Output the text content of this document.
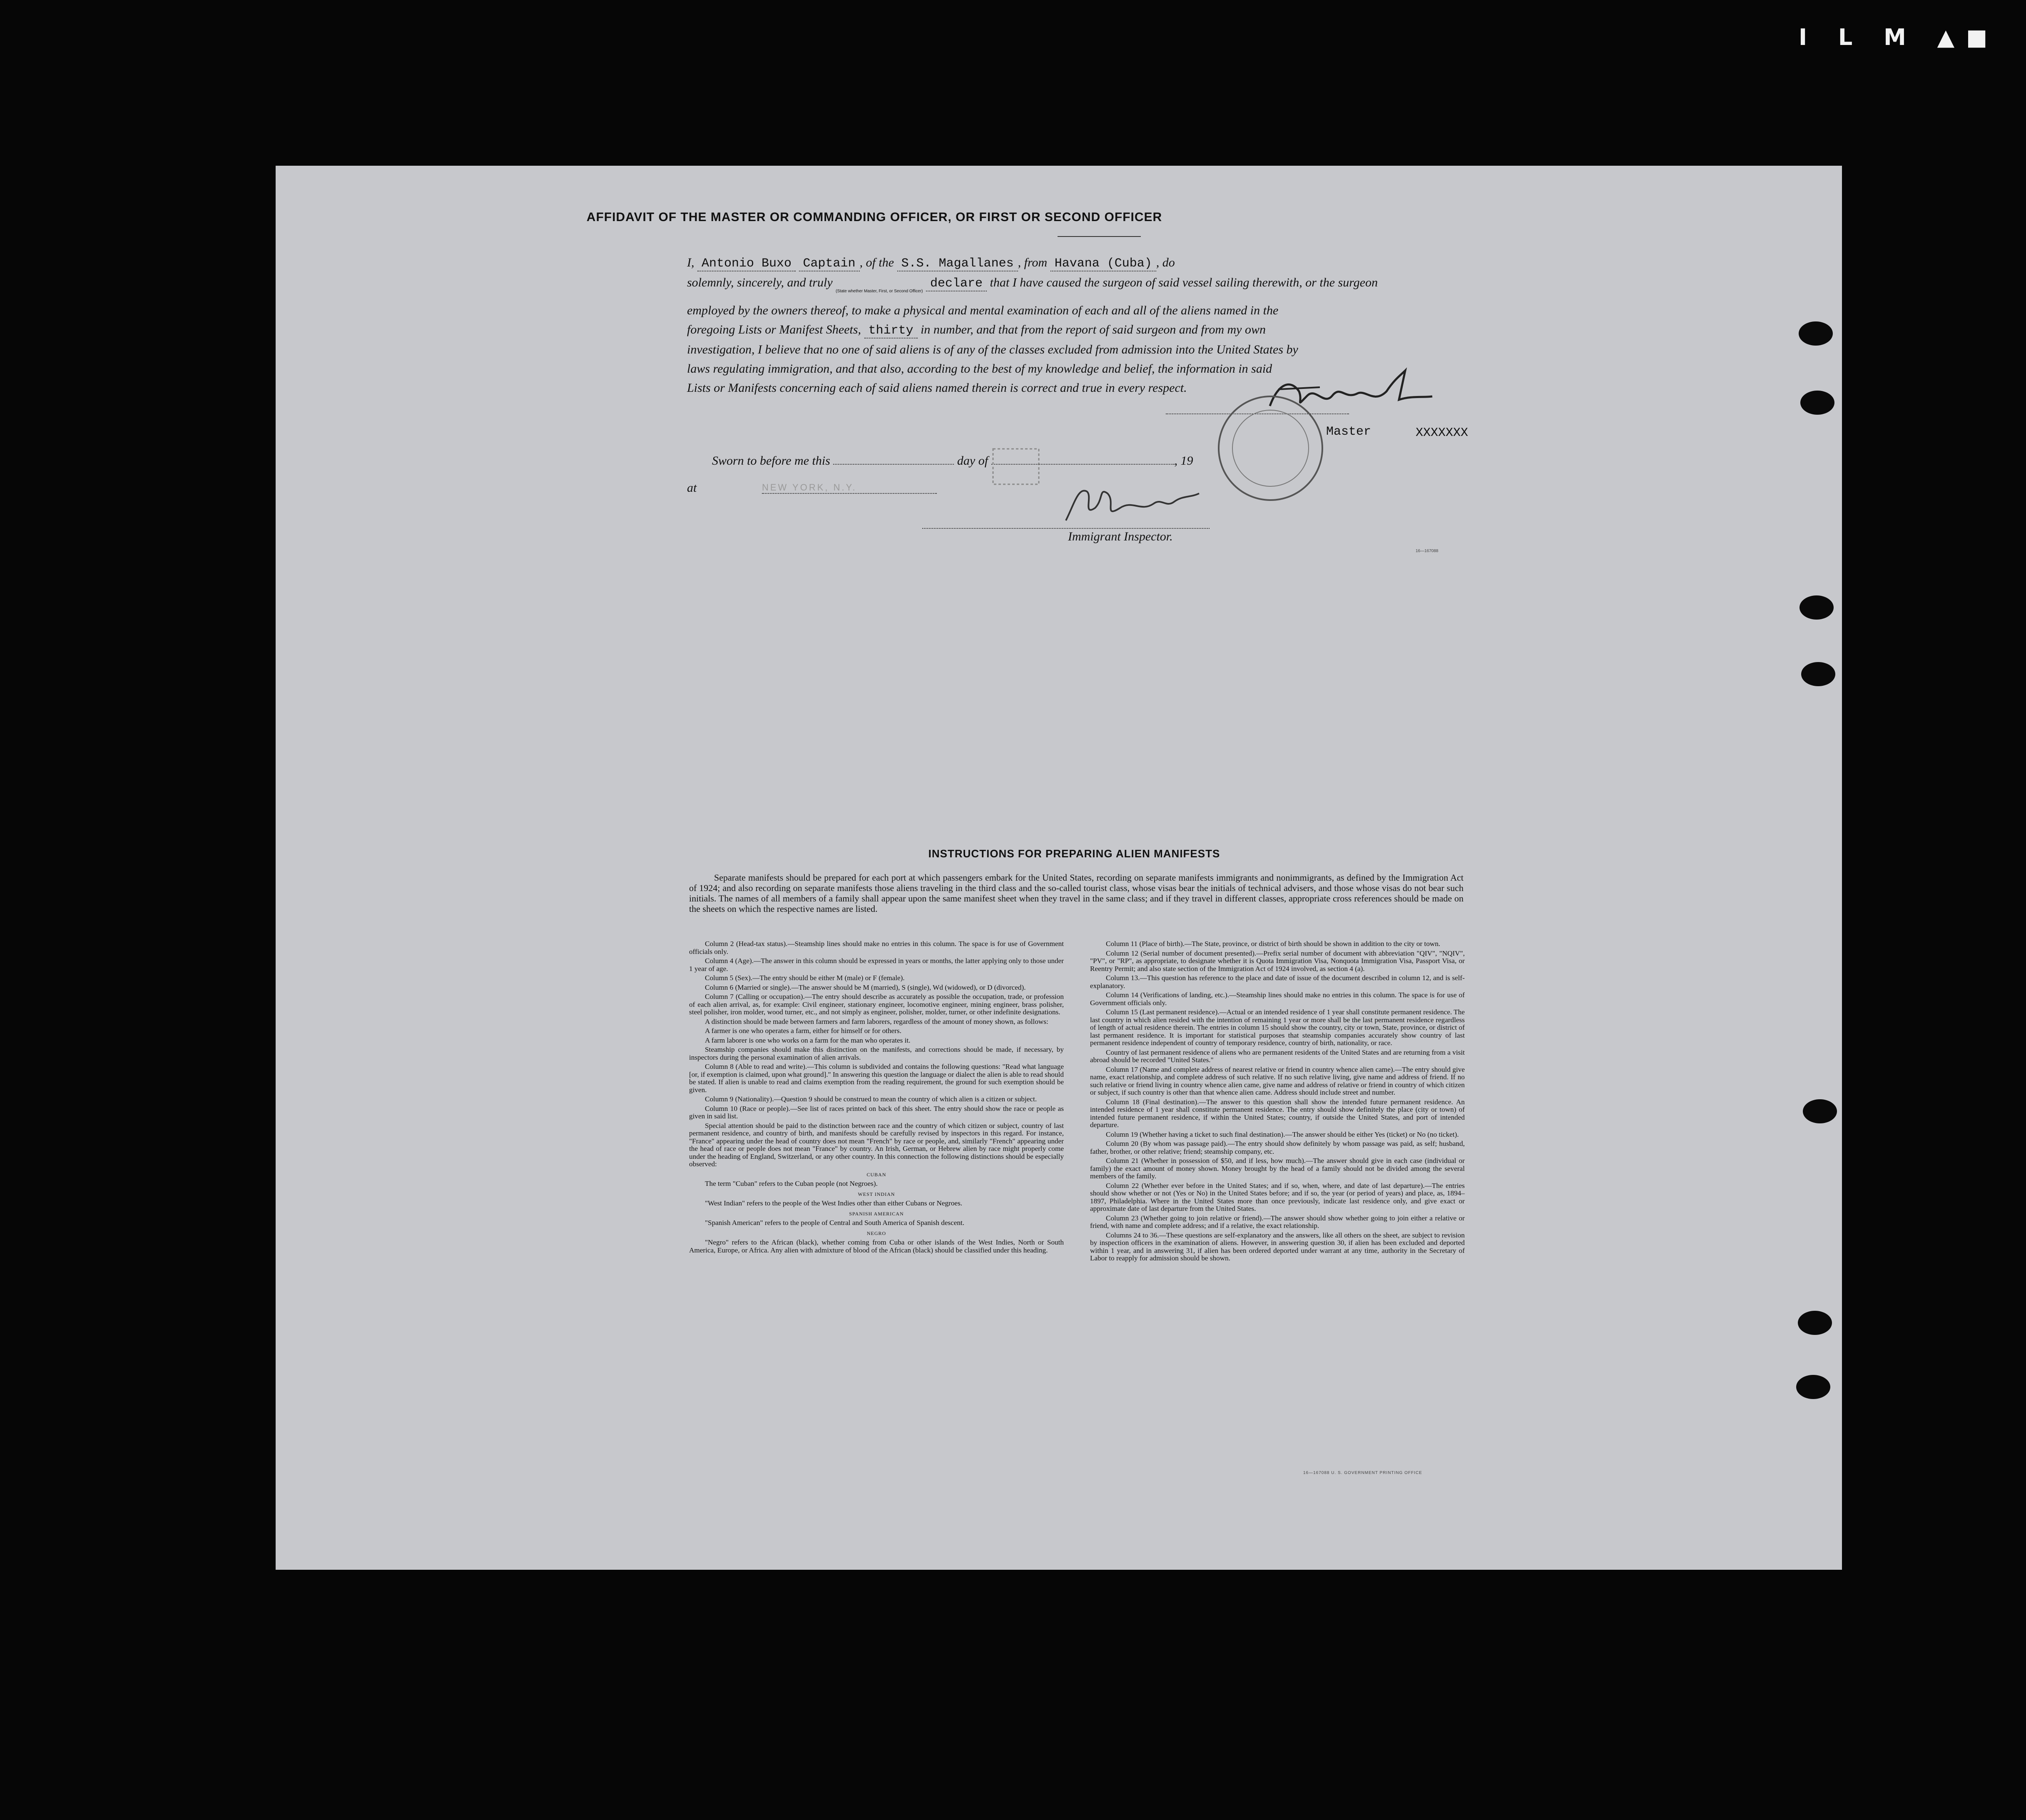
I L M ▲■
AFFIDAVIT OF THE MASTER OR COMMANDING OFFICER, OR FIRST OR SECOND OFFICER
I, Antonio Buxo Captain , of the S.S. Magallanes , from Havana (Cuba) , do
solemnly, sincerely, and truly $_{(State whether Master, First, or Second Officer)}$ declare that I have caused the surgeon of said vessel sailing therewith, or the surgeon
employed by the owners thereof, to make a physical and mental examination of each and all of the aliens named in the
foregoing Lists or Manifest Sheets, thirty in number, and that from the report of said surgeon and from my own
investigation, I believe that no one of said aliens is of any of the classes excluded from admission into the United States by
laws regulating immigration, and that also, according to the best of my knowledge and belief, the information in said
Lists or Manifests concerning each of said aliens named therein is correct and true in every respect.
Master	XXXXXXX
Sworn to before me this	day of	, 19
at	NEW YORK, N.Y.
Immigrant Inspector.
16—167088
INSTRUCTIONS FOR PREPARING ALIEN MANIFESTS
Separate manifests should be prepared for each port at which passengers embark for the United States, recording on separate manifests immigrants and nonimmigrants, as defined by the Immigration Act of 1924; and also recording on separate manifests those aliens traveling in the third class and the so-called tourist class, whose visas bear the initials of technical advisers, and those whose visas do not bear such initials. The names of all members of a family shall appear upon the same manifest sheet when they travel in the same class; and if they travel in different classes, appropriate cross references should be made on the sheets on which the respective names are listed.

Column 2 (Head-tax status).—Steamship lines should make no entries in this column. The space is for use of Government officials only.

Column 4 (Age).—The answer in this column should be expressed in years or months, the latter applying only to those under 1 year of age.

Column 5 (Sex).—The entry should be either M (male) or F (female).

Column 6 (Married or single).—The answer should be M (married), S (single), Wd (widowed), or D (divorced).

Column 7 (Calling or occupation).—The entry should describe as accurately as possible the occupation, trade, or profession of each alien arrival, as, for example: Civil engineer, stationary engineer, locomotive engineer, mining engineer, brass polisher, steel polisher, iron molder, wood turner, etc., and not simply as engineer, polisher, molder, turner, or other indefinite designations.

A distinction should be made between farmers and farm laborers, regardless of the amount of money shown, as follows:

A farmer is one who operates a farm, either for himself or for others.

A farm laborer is one who works on a farm for the man who operates it.

Steamship companies should make this distinction on the manifests, and corrections should be made, if necessary, by inspectors during the personal examination of alien arrivals.

Column 8 (Able to read and write).—This column is subdivided and contains the following questions: "Read what language [or, if exemption is claimed, upon what ground]." In answering this question the language or dialect the alien is able to read should be stated. If alien is unable to read and claims exemption from the reading requirement, the ground for such exemption should be given.

Column 9 (Nationality).—Question 9 should be construed to mean the country of which alien is a citizen or subject.

Column 10 (Race or people).—See list of races printed on back of this sheet. The entry should show the race or people as given in said list.

Special attention should be paid to the distinction between race and the country of which citizen or subject, country of last permanent residence, and country of birth, and manifests should be carefully revised by inspectors in this regard. For instance, "France" appearing under the head of country does not mean "French" by race or people, and, similarly "French" appearing under the head of race or people does not mean "France" by country. An Irish, German, or Hebrew alien by race might properly come under the heading of England, Switzerland, or any other country. In this connection the following distinctions should be especially observed:

CUBAN

The term "Cuban" refers to the Cuban people (not Negroes).

WEST INDIAN

"West Indian" refers to the people of the West Indies other than either Cubans or Negroes.

SPANISH AMERICAN

"Spanish American" refers to the people of Central and South America of Spanish descent.

NEGRO

"Negro" refers to the African (black), whether coming from Cuba or other islands of the West Indies, North or South America, Europe, or Africa. Any alien with admixture of blood of the African (black) should be classified under this heading.

Column 11 (Place of birth).—The State, province, or district of birth should be shown in addition to the city or town.

Column 12 (Serial number of document presented).—Prefix serial number of document with abbreviation "QIV", "NQIV", "PV", or "RP", as appropriate, to designate whether it is Quota Immigration Visa, Nonquota Immigration Visa, Passport Visa, or Reentry Permit; and also state section of the Immigration Act of 1924 involved, as section 4 (a).

Column 13.—This question has reference to the place and date of issue of the document described in column 12, and is self-explanatory.

Column 14 (Verifications of landing, etc.).—Steamship lines should make no entries in this column. The space is for use of Government officials only.

Column 15 (Last permanent residence).—Actual or an intended residence of 1 year shall constitute permanent residence. The last country in which alien resided with the intention of remaining 1 year or more shall be the last permanent residence regardless of length of actual residence therein. The entries in column 15 should show the country, city or town, State, province, or district of last permanent residence. It is important for statistical purposes that steamship companies accurately show country of last permanent residence independent of country of temporary residence, country of birth, nationality, or race.

Country of last permanent residence of aliens who are permanent residents of the United States and are returning from a visit abroad should be recorded "United States."

Column 17 (Name and complete address of nearest relative or friend in country whence alien came).—The entry should give name, exact relationship, and complete address of such relative. If no such relative living, give name and address of friend. If no such relative or friend living in country whence alien came, give name and address of relative or friend in country of which citizen or subject, if such country is other than that whence alien came. Address should include street and number.

Column 18 (Final destination).—The answer to this question shall show the intended future permanent residence. An intended residence of 1 year shall constitute permanent residence. The entry should show definitely the place (city or town) of intended future permanent residence, if within the United States; country, if outside the United States, and port of intended departure.

Column 19 (Whether having a ticket to such final destination).—The answer should be either Yes (ticket) or No (no ticket).

Column 20 (By whom was passage paid).—The entry should show definitely by whom passage was paid, as self; husband, father, brother, or other relative; friend; steamship company, etc.

Column 21 (Whether in possession of $50, and if less, how much).—The answer should give in each case (individual or family) the exact amount of money shown. Money brought by the head of a family should not be divided among the several members of the family.

Column 22 (Whether ever before in the United States; and if so, when, where, and date of last departure).—The entries should show whether or not (Yes or No) in the United States before; and if so, the year (or period of years) and place, as, 1894–1897, Philadelphia. Where in the United States more than once previously, indicate last residence only, and give exact or approximate date of last departure from the United States.

Column 23 (Whether going to join relative or friend).—The answer should show whether going to join either a relative or friend, with name and complete address; and if a relative, the exact relationship.

Columns 24 to 36.—These questions are self-explanatory and the answers, like all others on the sheet, are subject to revision by inspection officers in the examination of aliens. However, in answering question 30, if alien has been excluded and deported within 1 year, and in answering 31, if alien has been ordered deported under warrant at any time, authority in the Secretary of Labor to reapply for admission should be shown.

16—167088 U. S. GOVERNMENT PRINTING OFFICE
